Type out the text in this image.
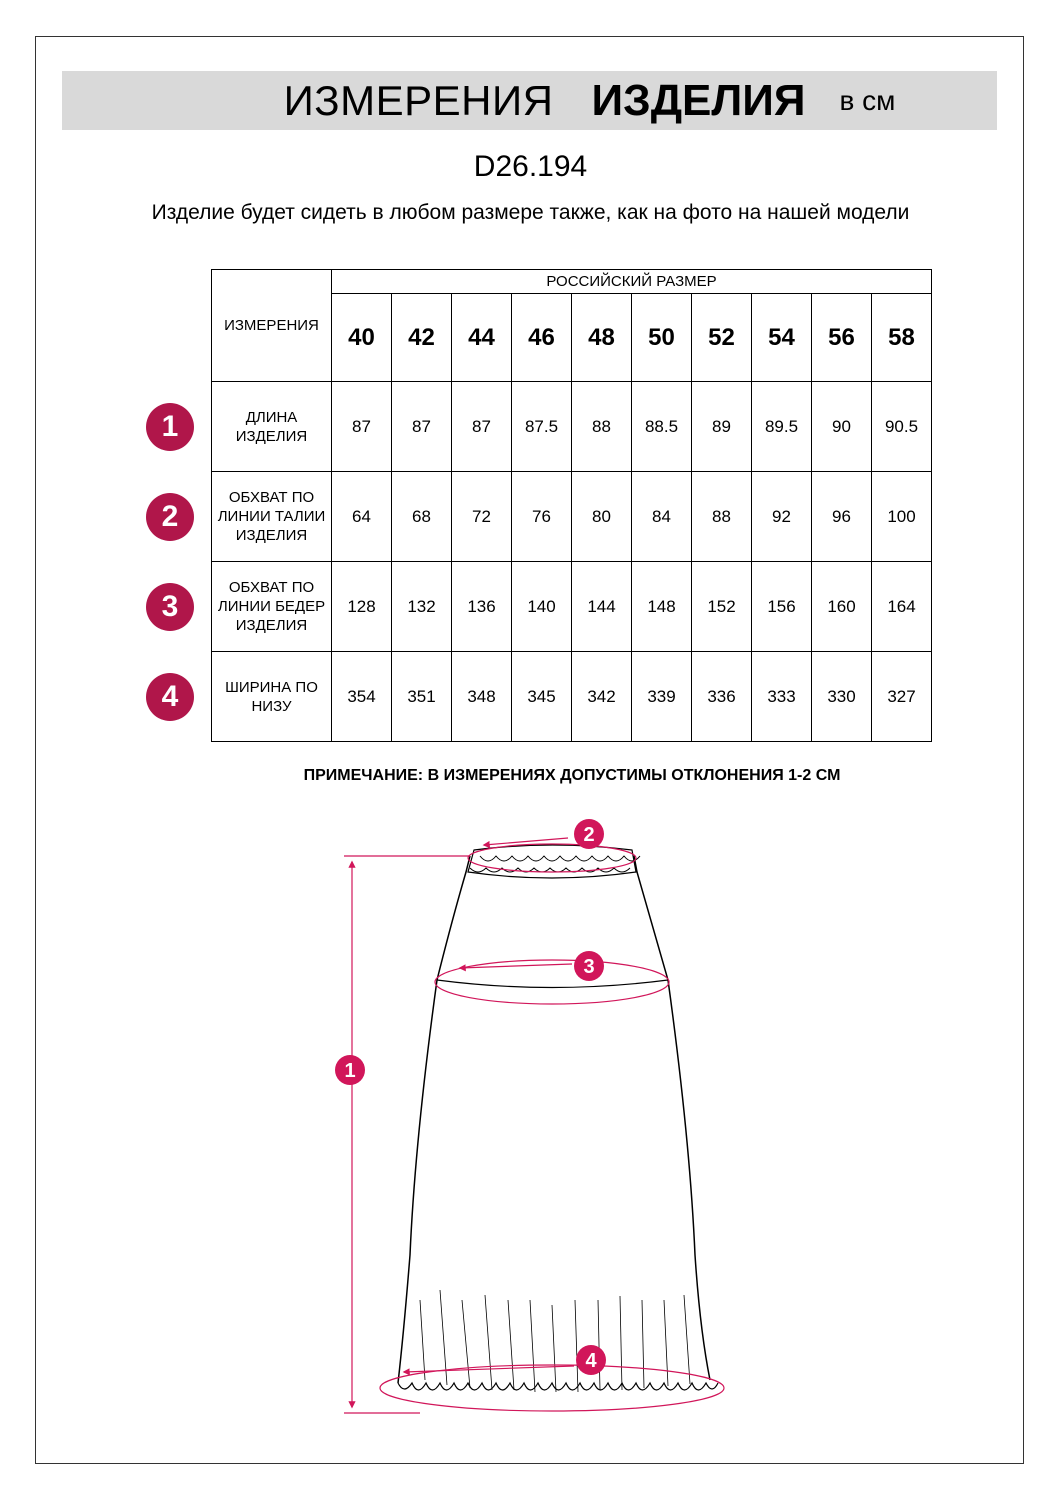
ИЗМЕРЕНИЯ ИЗДЕЛИЯ в см
D26.194
Изделие будет сидеть в любом размере также, как на фото на нашей модели
ИЗМЕРЕНИЯ	РОССИЙСКИЙ РАЗМЕР									
	40	42	44	46	48	50	52	54	56	58
ДЛИНА ИЗДЕЛИЯ	87	87	87	87.5	88	88.5	89	89.5	90	90.5
ОБХВАТ ПО ЛИНИИ ТАЛИИ ИЗДЕЛИЯ	64	68	72	76	80	84	88	92	96	100
ОБХВАТ ПО ЛИНИИ БЕДЕР ИЗДЕЛИЯ	128	132	136	140	144	148	152	156	160	164
ШИРИНА ПО НИЗУ	354	351	348	345	342	339	336	333	330	327
1
2
3
4
ПРИМЕЧАНИЕ: В ИЗМЕРЕНИЯХ ДОПУСТИМЫ ОТКЛОНЕНИЯ 1-2 СМ
1
2
3
4
